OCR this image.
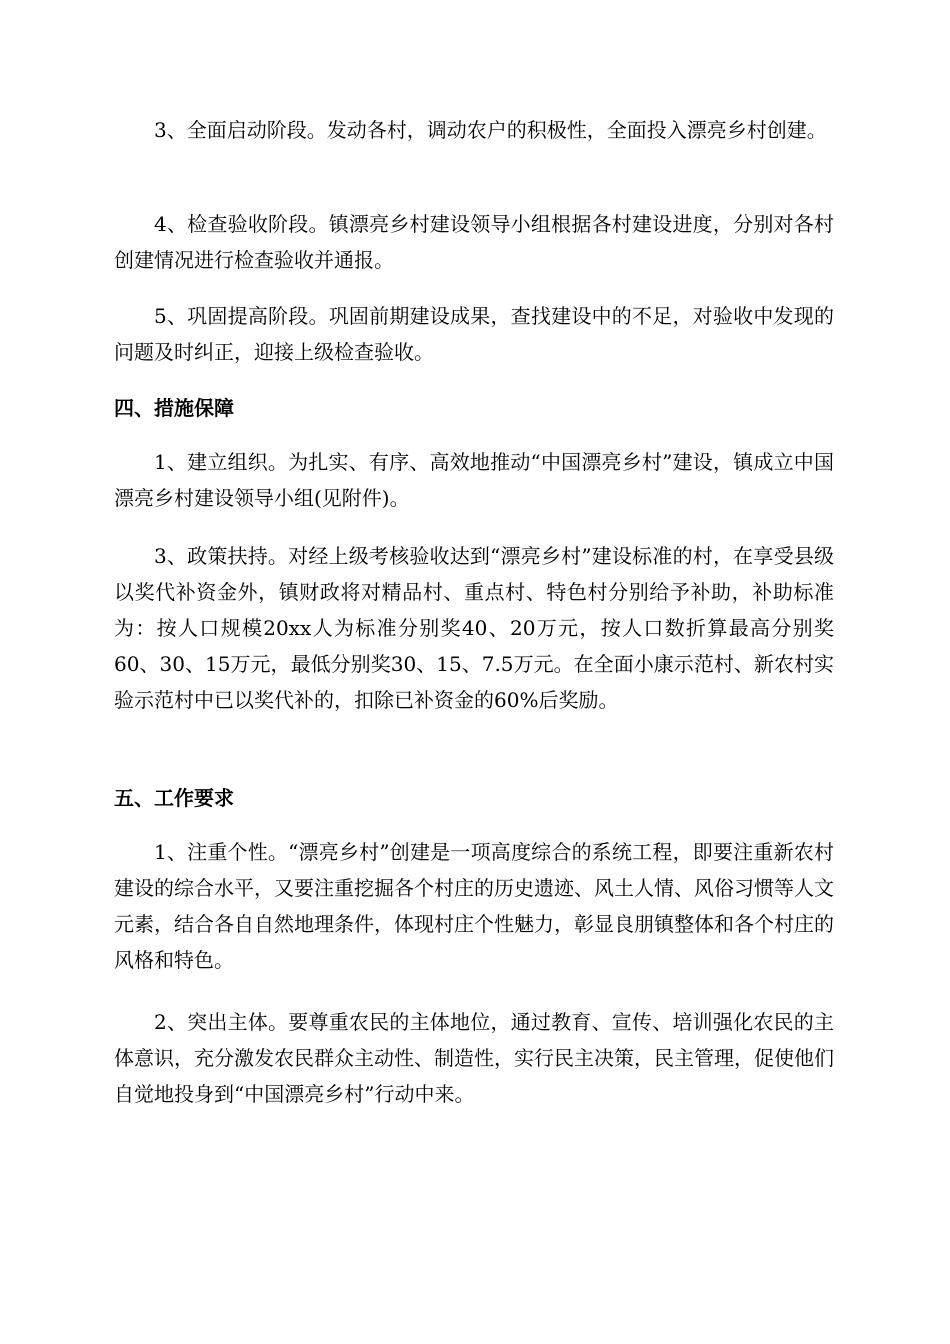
3、全面启动阶段。发动各村，调动农户的积极性，全面投入漂亮乡村创建。

4、检查验收阶段。镇漂亮乡村建设领导小组根据各村建设进度，分别对各村创建情况进行检查验收并通报。

5、巩固提高阶段。巩固前期建设成果，查找建设中的不足，对验收中发现的问题及时纠正，迎接上级检查验收。

四、措施保障

1、建立组织。为扎实、有序、高效地推动“中国漂亮乡村”建设，镇成立中国漂亮乡村建设领导小组(见附件)。

3、政策扶持。对经上级考核验收达到“漂亮乡村”建设标准的村，在享受县级以奖代补资金外，镇财政将对精品村、重点村、特色村分别给予补助，补助标准为：按人口规模20xx人为标准分别奖40、20万元，按人口数折算最高分别奖60、30、15万元，最低分别奖30、15、7.5万元。在全面小康示范村、新农村实验示范村中已以奖代补的，扣除已补资金的60%后奖励。

五、工作要求

1、注重个性。“漂亮乡村”创建是一项高度综合的系统工程，即要注重新农村建设的综合水平，又要注重挖掘各个村庄的历史遗迹、风土人情、风俗习惯等人文元素，结合各自自然地理条件，体现村庄个性魅力，彰显良朋镇整体和各个村庄的风格和特色。

2、突出主体。要尊重农民的主体地位，通过教育、宣传、培训强化农民的主体意识，充分激发农民群众主动性、制造性，实行民主决策，民主管理，促使他们自觉地投身到“中国漂亮乡村”行动中来。
